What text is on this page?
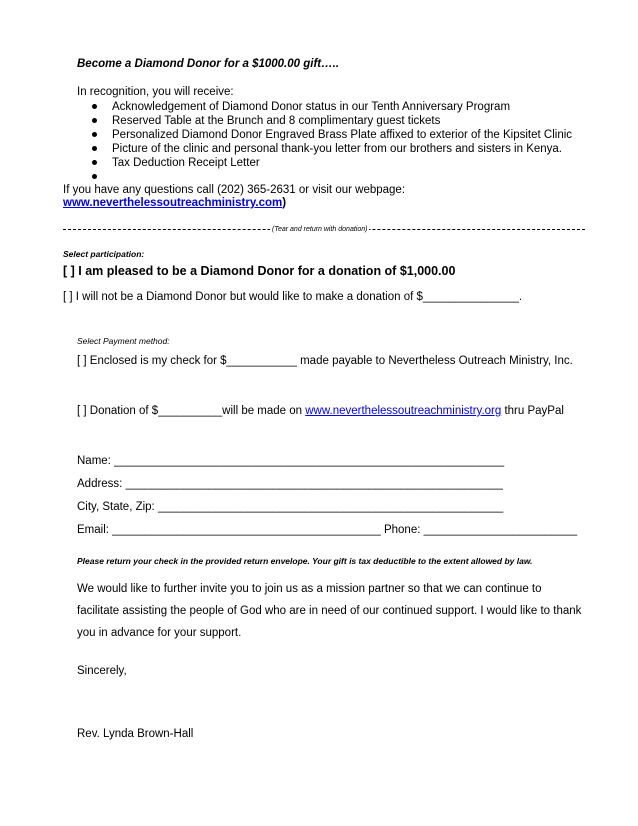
Become a Diamond Donor for a $1000.00 gift…..
In recognition, you will receive:
Acknowledgement of Diamond Donor status in our Tenth Anniversary Program
Reserved Table at the Brunch and 8 complimentary guest tickets
Personalized Diamond Donor Engraved Brass Plate affixed to exterior of the Kipsitet Clinic
Picture of the clinic and personal thank-you letter from our brothers and sisters in Kenya.
Tax Deduction Receipt Letter
If you have any questions call (202) 365-2631 or visit our webpage:
www.neverthelessoutreachministry.com)
(Tear and return with donation)
Select participation:
[ ] I am pleased to be a Diamond Donor for a donation of $1,000.00
[ ] I will not be a Diamond Donor but would like to make a donation of $_______________.
Select Payment method:
[ ] Enclosed is my check for $___________ made payable to Nevertheless Outreach Ministry, Inc.
[ ] Donation of $__________will be made on www.neverthelessoutreachministry.org thru PayPal
Name: _____________________________________________________________
Address: ___________________________________________________________
City, State, Zip: ______________________________________________________
Email: __________________________________________ Phone: ________________________
Please return your check in the provided return envelope. Your gift is tax deductible to the extent allowed by law.
We would like to further invite you to join us as a mission partner so that we can continue to
facilitate assisting the people of God who are in need of our continued support. I would like to thank
you in advance for your support.
Sincerely,
Rev. Lynda Brown-Hall
